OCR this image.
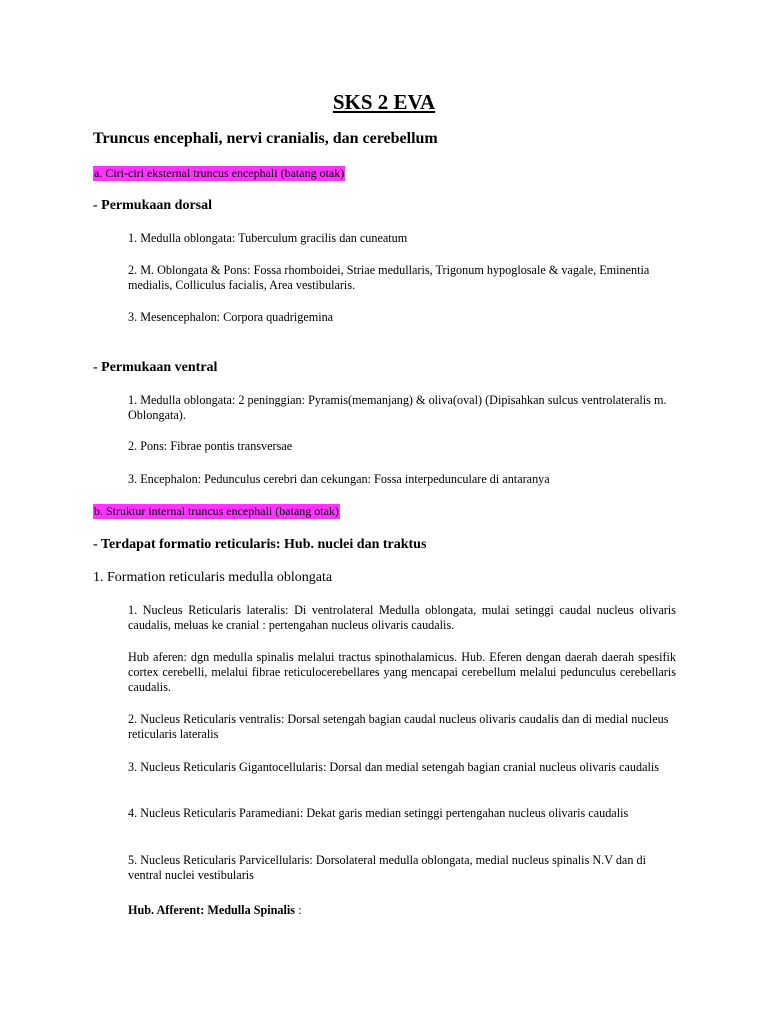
SKS 2 EVA
Truncus encephali, nervi cranialis, dan cerebellum
a. Ciri-ciri eksternal truncus encephali (batang otak)
- Permukaan dorsal
1. Medulla oblongata: Tuberculum gracilis dan cuneatum
2. M. Oblongata & Pons: Fossa rhomboidei, Striae medullaris, Trigonum hypoglosale & vagale, Eminentia medialis, Colliculus facialis, Area vestibularis.
3. Mesencephalon: Corpora quadrigemina
- Permukaan ventral
1. Medulla oblongata: 2 peninggian: Pyramis(memanjang) & oliva(oval) (Dipisahkan sulcus ventrolateralis m. Oblongata).
2. Pons: Fibrae pontis transversae
3. Encephalon: Pedunculus cerebri dan cekungan: Fossa interpedunculare di antaranya
b. Struktur internal truncus encephali (batang otak)
- Terdapat formatio reticularis: Hub. nuclei dan traktus
1. Formation reticularis medulla oblongata
1. Nucleus Reticularis lateralis: Di ventrolateral Medulla oblongata, mulai setinggi caudal nucleus olivaris caudalis, meluas ke cranial : pertengahan nucleus olivaris caudalis.
Hub aferen: dgn medulla spinalis melalui tractus spinothalamicus. Hub. Eferen dengan daerah daerah spesifik cortex cerebelli, melalui fibrae reticulocerebellares yang mencapai cerebellum melalui pedunculus cerebellaris caudalis.
2. Nucleus Reticularis ventralis: Dorsal setengah bagian caudal nucleus olivaris caudalis dan di medial nucleus reticularis lateralis
3. Nucleus Reticularis Gigantocellularis: Dorsal dan medial setengah bagian cranial nucleus olivaris caudalis
4. Nucleus Reticularis Paramediani: Dekat garis median setinggi pertengahan nucleus olivaris caudalis
5. Nucleus Reticularis Parvicellularis: Dorsolateral medulla oblongata, medial nucleus spinalis N.V dan di ventral nuclei vestibularis
Hub. Afferent: Medulla Spinalis :
